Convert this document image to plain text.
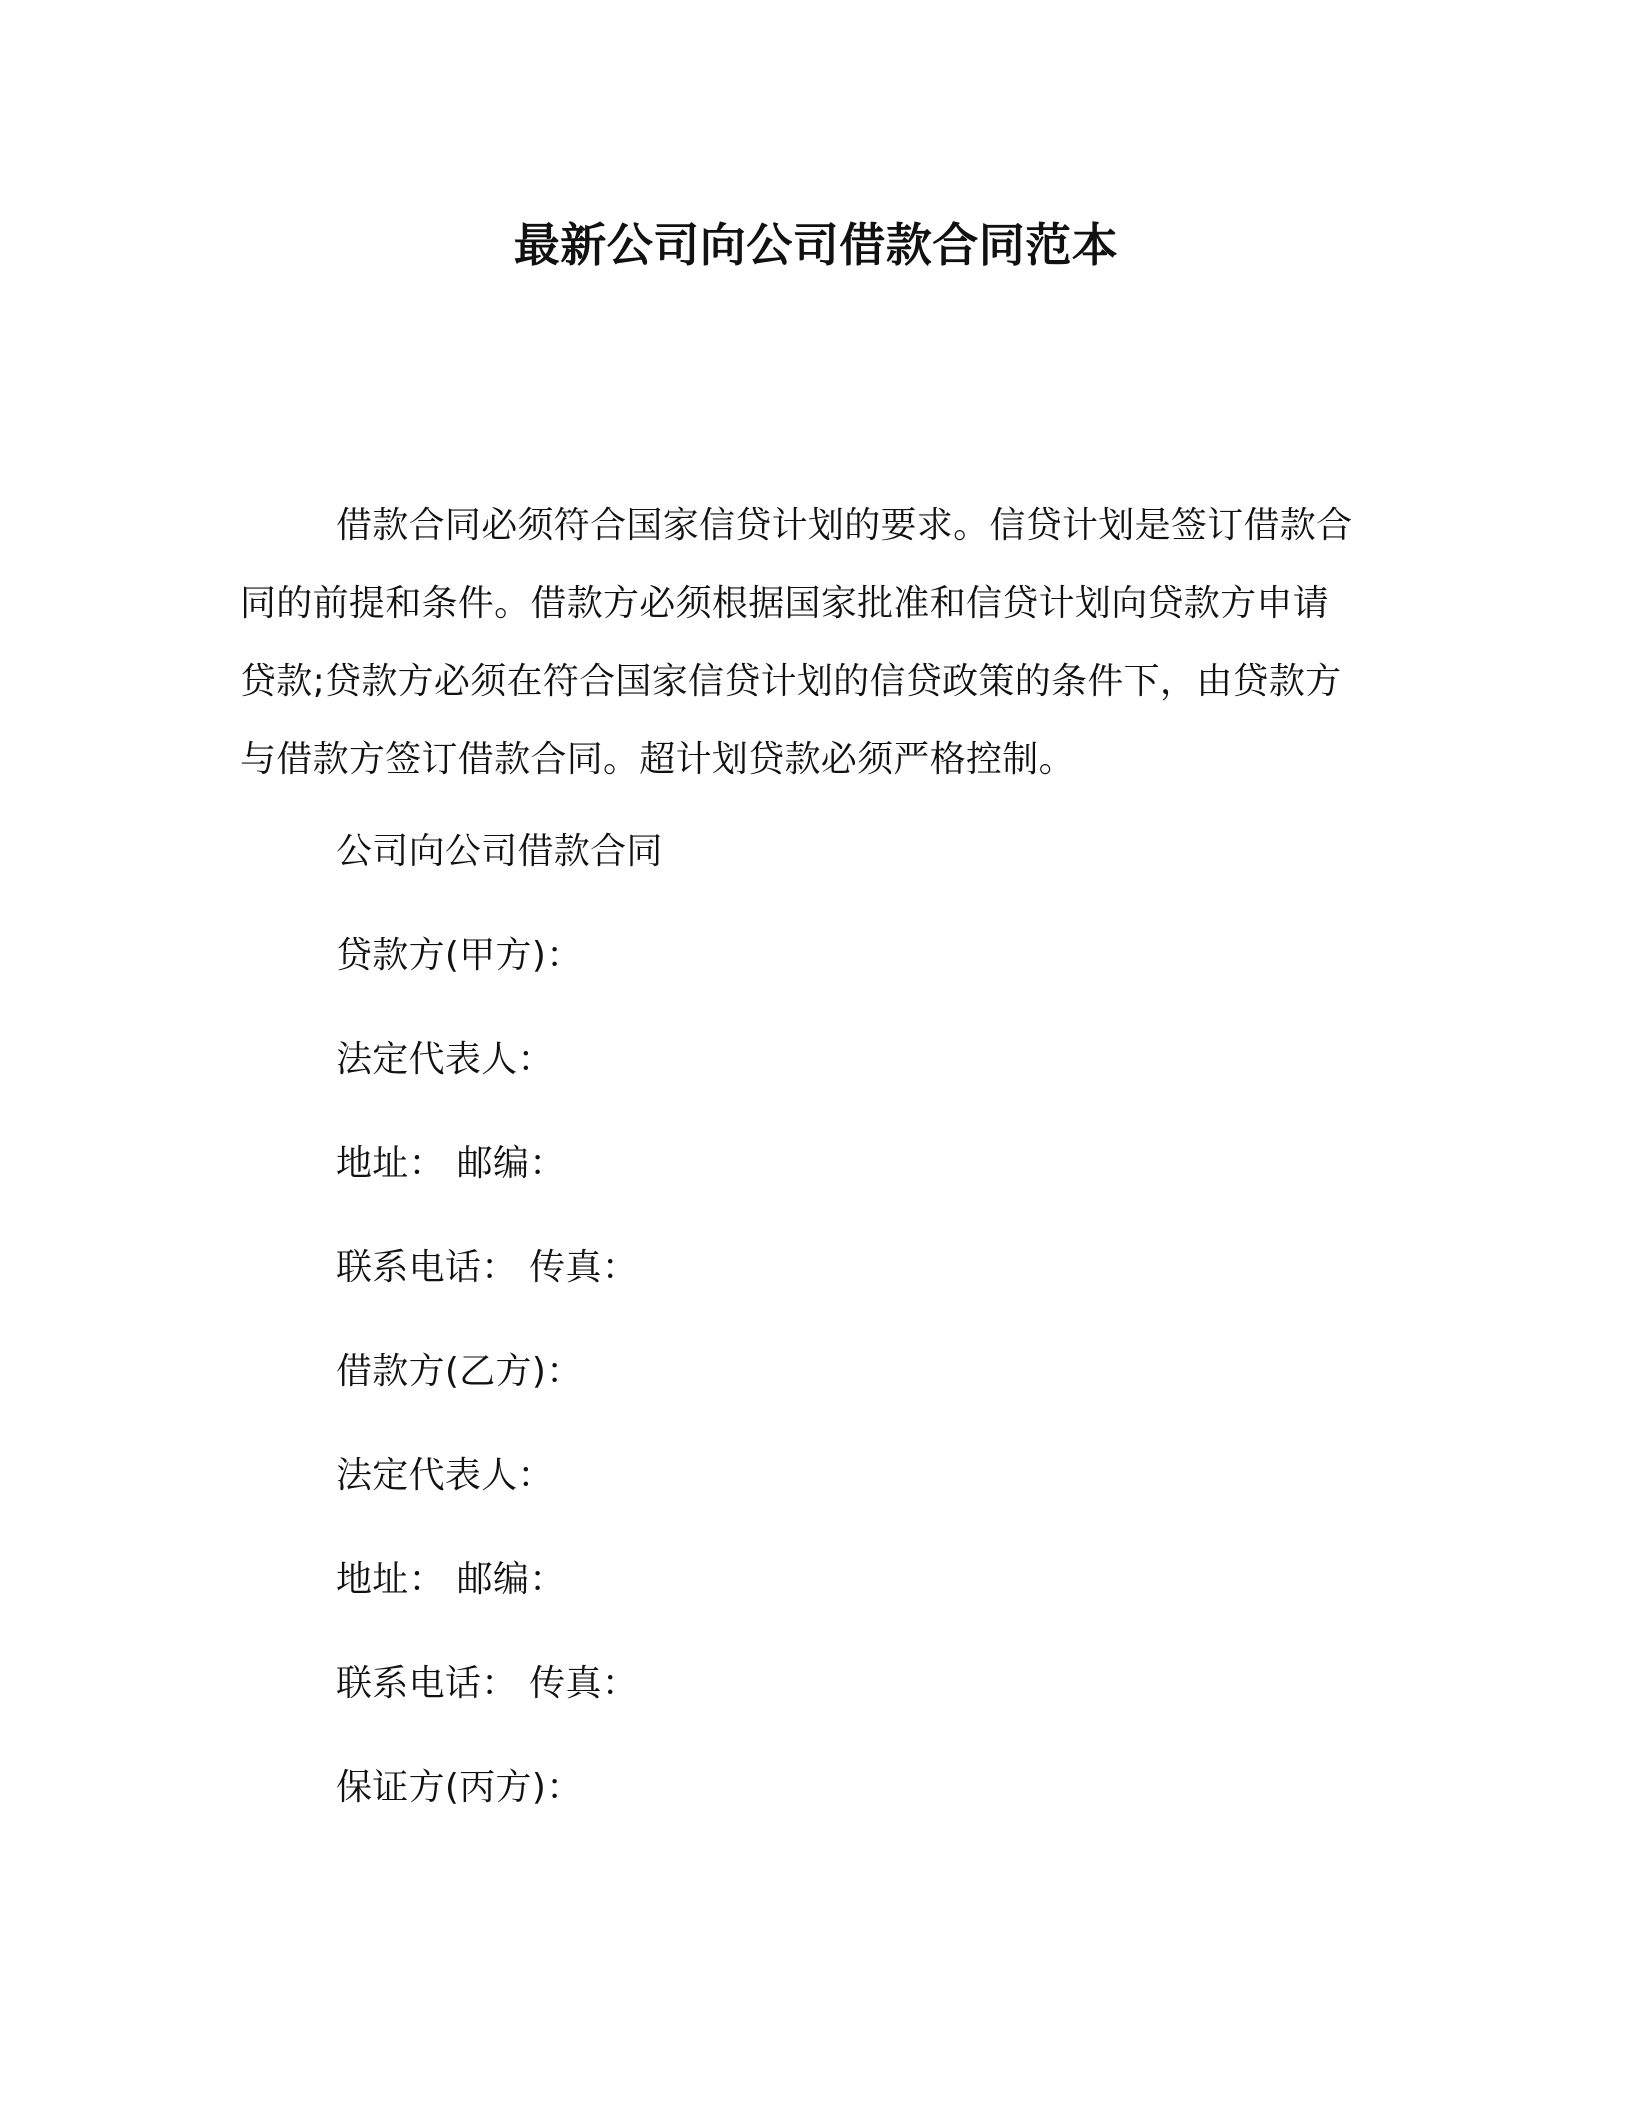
最新公司向公司借款合同范本
借款合同必须符合国家信贷计划的要求。信贷计划是签订借款合
同的前提和条件。借款方必须根据国家批准和信贷计划向贷款方申请
贷款;贷款方必须在符合国家信贷计划的信贷政策的条件下，由贷款方
与借款方签订借款合同。超计划贷款必须严格控制。
公司向公司借款合同
贷款方(甲方)：
法定代表人：
地址： 邮编：
联系电话： 传真：
借款方(乙方)：
法定代表人：
地址： 邮编：
联系电话： 传真：
保证方(丙方)：
